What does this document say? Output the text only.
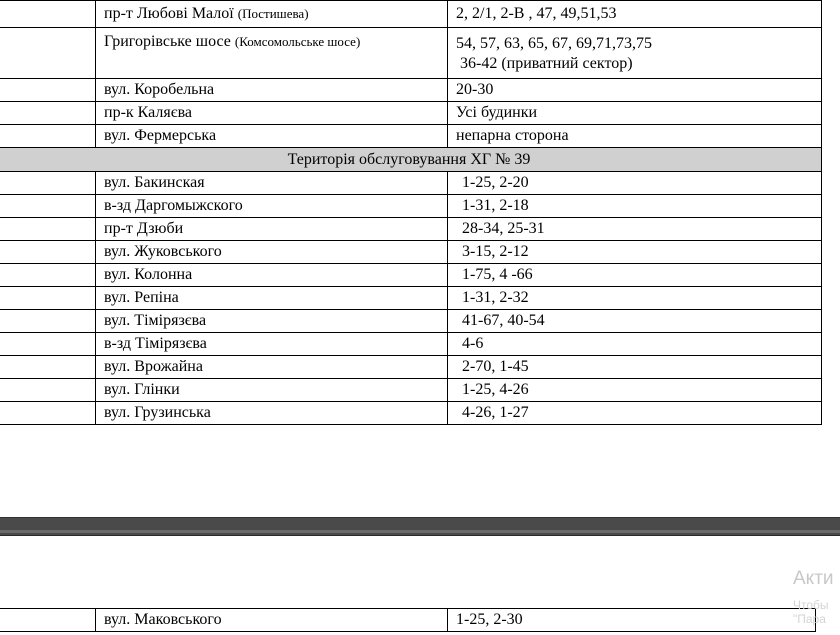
	пр-т Любові Малої (Постишева)	2, 2/1, 2-В , 47, 49,51,53
	Григорівське шосе (Комсомольське шосе)	54, 57, 63, 65, 67, 69,71,73,75
36-42 (приватний сектор)

	вул. Коробельна	20-30
	пр-к Каляєва	Усі будинки
	вул. Фермерська	непарна сторона
Територія обслуговування ХГ № 39		
	вул. Бакинская	1-25, 2-20
	в-зд Даргомыжского	1-31, 2-18
	пр-т Дзюби	28-34, 25-31
	вул. Жуковського	3-15, 2-12
	вул. Колонна	1-75, 4 -66
	вул. Репіна	1-31, 2-32
	вул. Тімірязєва	41-67, 40-54
	в-зд Тімірязєва	4-6
	вул. Врожайна	2-70, 1-45
	вул. Глінки	1-25, 4-26
	вул. Грузинська	4-26, 1-27
	вул. Маковського	1-25, 2-30
Акти
Чтобы
"Пара
